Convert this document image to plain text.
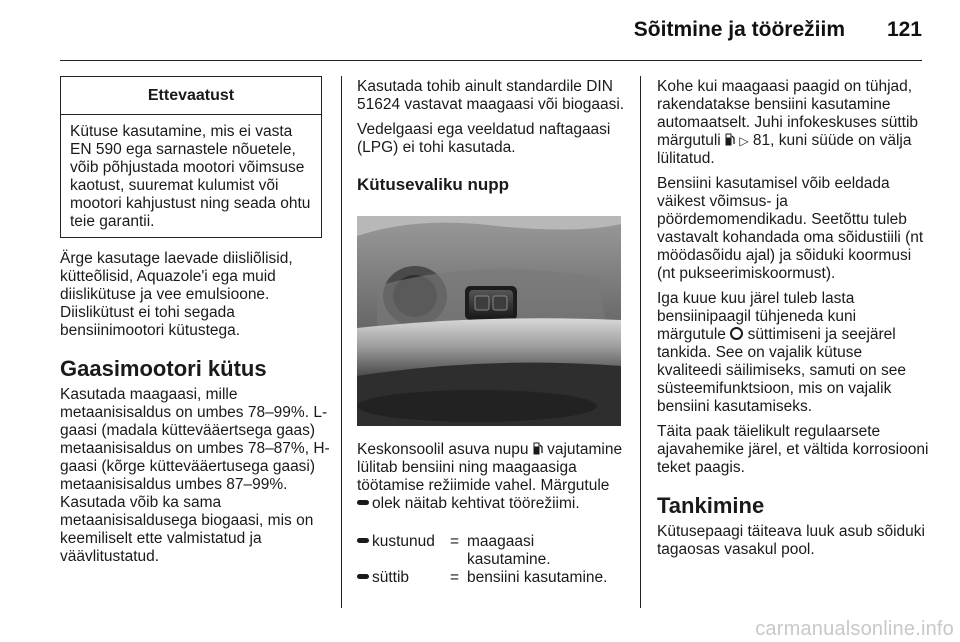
Sõitmine ja töörežiim	121
Ettevaatust
Kütuse kasutamine, mis ei vasta EN 590 ega sarnastele nõuetele, võib põhjustada mootori võimsuse kaotust, suuremat kulumist või mootori kahjustust ning seada ohtu teie garantii.

Ärge kasutage laevade diisliõlisid, kütteõlisid, Aquazole'i ega muid diislikütuse ja vee emulsioone. Diislikütust ei tohi segada bensiinimootori kütustega.

Gaasimootori kütus

Kasutada maagaasi, mille metaanisisaldus on umbes 78–99%. L-gaasi (madala küttevääertsega gaas) metaanisisaldus on umbes 78–87%, H-gaasi (kõrge küttevääertusega gaasi) metaanisisaldus umbes 87–99%. Kasutada võib ka sama metaanisisaldusega biogaasi, mis on keemiliselt ette valmistatud ja väävlitustatud.

Kasutada tohib ainult standardile DIN 51624 vastavat maagaasi või biogaasi.

Vedelgaasi ega veeldatud naftagaasi (LPG) ei tohi kasutada.

Kütusevaliku nupp

Keskonsoolil asuva nupu vajutamine lülitab bensiini ning maagaasiga töötamise režiimide vahel. Märgutule olek näitab kehtivat töörežiimi.

kustunud = maagaasi kasutamine.
süttib	= bensiini kasutamine.

Kohe kui maagaasi paagid on tühjad, rakendatakse bensiini kasutamine automaatselt. Juhi infokeskuses süttib märgutuli ▷ 81, kuni süüde on välja lülitatud.

Bensiini kasutamisel võib eeldada väikest võimsus- ja pöördemomendikadu. Seetõttu tuleb vastavalt kohandada oma sõidustiili (nt möödasõidu ajal) ja sõiduki koormusi (nt pukseerimiskoormust).

Iga kuue kuu järel tuleb lasta bensiinipaagil tühjeneda kuni märgutule süttimiseni ja seejärel tankida. See on vajalik kütuse kvaliteedi säilimiseks, samuti on see süsteemifunktsioon, mis on vajalik bensiini kasutamiseks.

Täita paak täielikult regulaarsete ajavahemike järel, et vältida korrosiooni teket paagis.

Tankimine

Kütusepaagi täiteava luuk asub sõiduki tagaosas vasakul pool.

carmanualsonline.info
